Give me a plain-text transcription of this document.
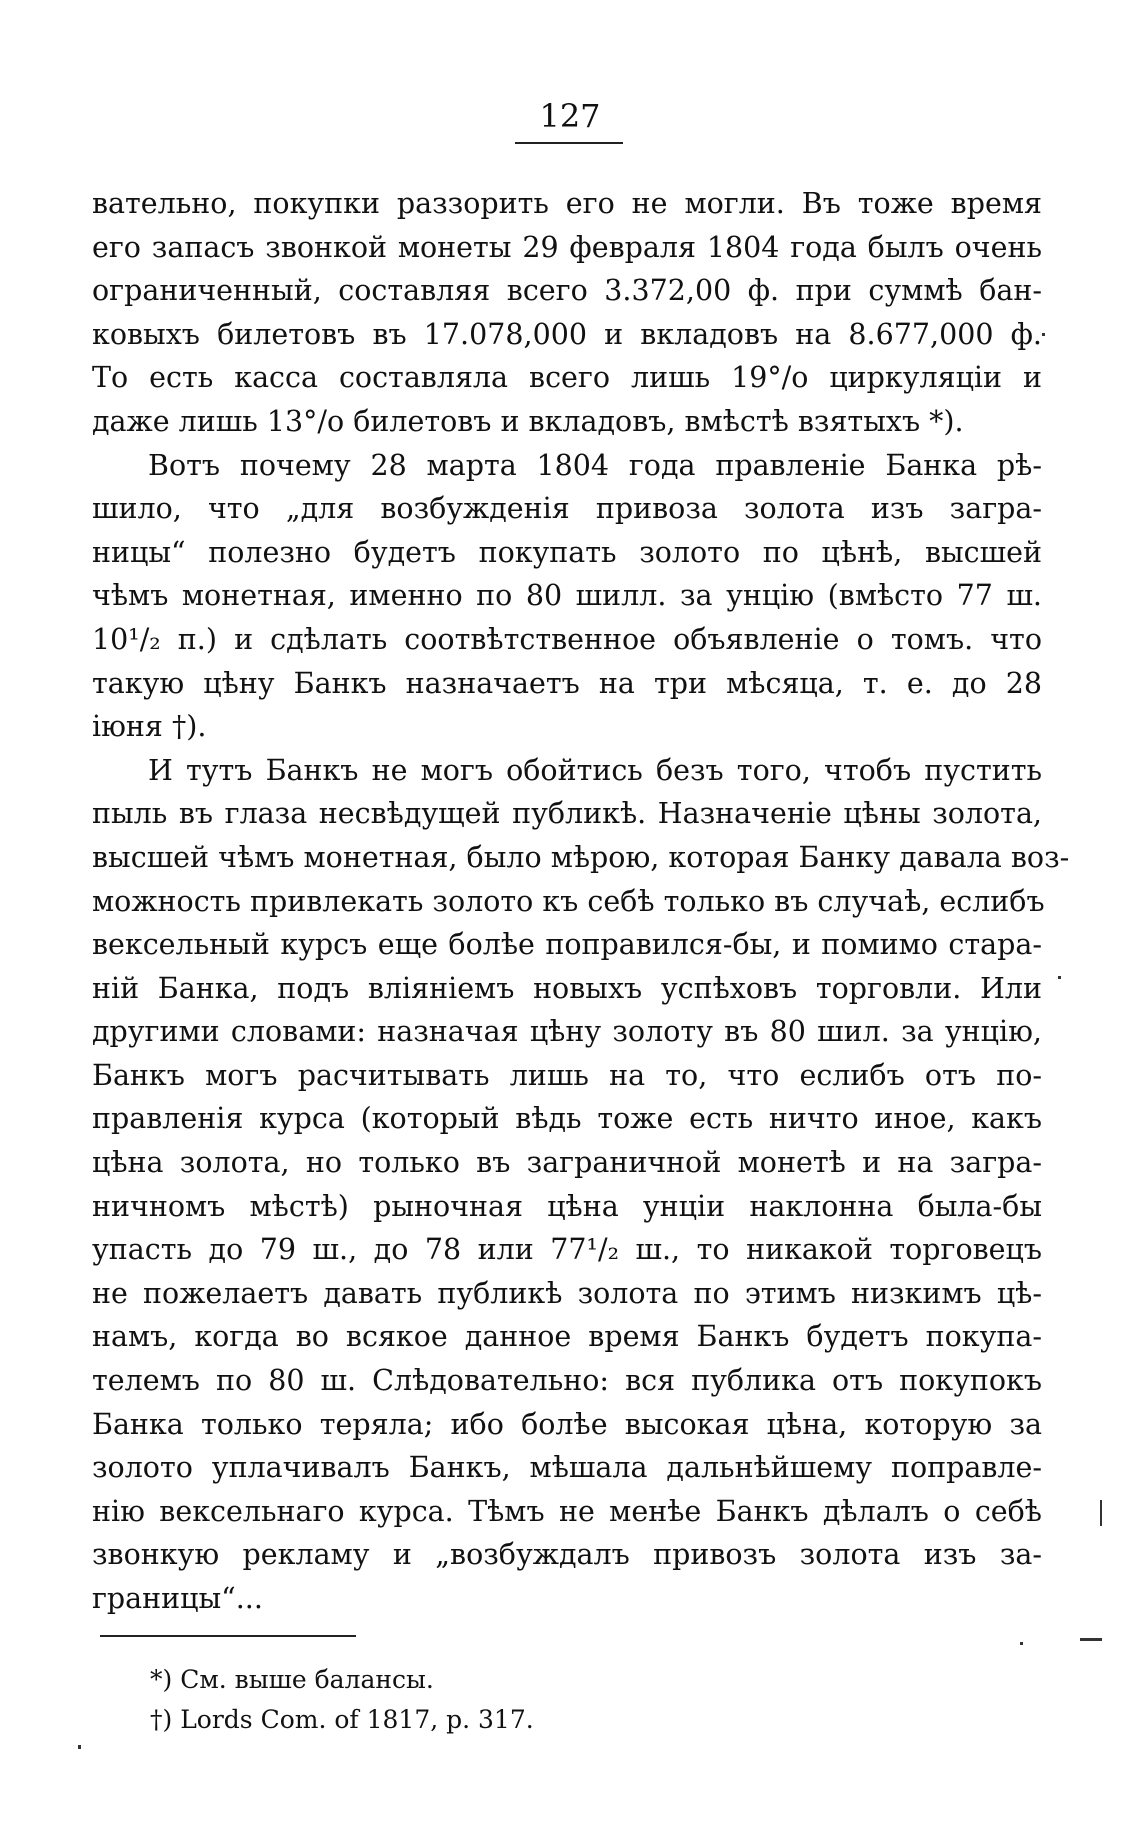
127
вательно, покупки раззорить его не могли. Въ тоже время
его запасъ звонкой монеты 29 февраля 1804 года былъ очень
ограниченный, составляя всего 3.372,00 ф. при суммѣ бан-
ковыхъ билетовъ въ 17.078,000 и вкладовъ на 8.677,000 ф.
То есть касса составляла всего лишь 19°/o циркуляціи и
даже лишь 13°/o билетовъ и вкладовъ, вмѣстѣ взятыхъ *).
Вотъ почему 28 марта 1804 года правленіе Банка рѣ-
шило, что „для возбужденія привоза золота изъ загра-
ницы“ полезно будетъ покупать золото по цѣнѣ, высшей
чѣмъ монетная, именно по 80 шилл. за унцію (вмѣсто 77 ш.
10¹/₂ п.) и сдѣлать соотвѣтственное объявленіе о томъ. что
такую цѣну Банкъ назначаетъ на три мѣсяца, т. е. до 28
іюня †).
И тутъ Банкъ не могъ обойтись безъ того, чтобъ пустить
пыль въ глаза несвѣдущей публикѣ. Назначеніе цѣны золота,
высшей чѣмъ монетная, было мѣрою, которая Банку давала воз-
можность привлекать золото къ себѣ только въ случаѣ, еслибъ
вексельный курсъ еще болѣе поправился-бы, и помимо стара-
ній Банка, подъ вліяніемъ новыхъ успѣховъ торговли. Или
другими словами: назначая цѣну золоту въ 80 шил. за унцію,
Банкъ могъ расчитывать лишь на то, что еслибъ отъ по-
правленія курса (который вѣдь тоже есть ничто иное, какъ
цѣна золота, но только въ заграничной монетѣ и на загра-
ничномъ мѣстѣ) рыночная цѣна унціи наклонна была-бы
упасть до 79 ш., до 78 или 77¹/₂ ш., то никакой торговецъ
не пожелаетъ давать публикѣ золота по этимъ низкимъ цѣ-
намъ, когда во всякое данное время Банкъ будетъ покупа-
телемъ по 80 ш. Слѣдовательно: вся публика отъ покупокъ
Банка только теряла; ибо болѣе высокая цѣна, которую за
золото уплачивалъ Банкъ, мѣшала дальнѣйшему поправле-
нію вексельнаго курса. Тѣмъ не менѣе Банкъ дѣлалъ о себѣ
звонкую рекламу и „возбуждалъ привозъ золота изъ за-
границы“...
*) См. выше балансы.
†) Lords Com. of 1817, p. 317.
